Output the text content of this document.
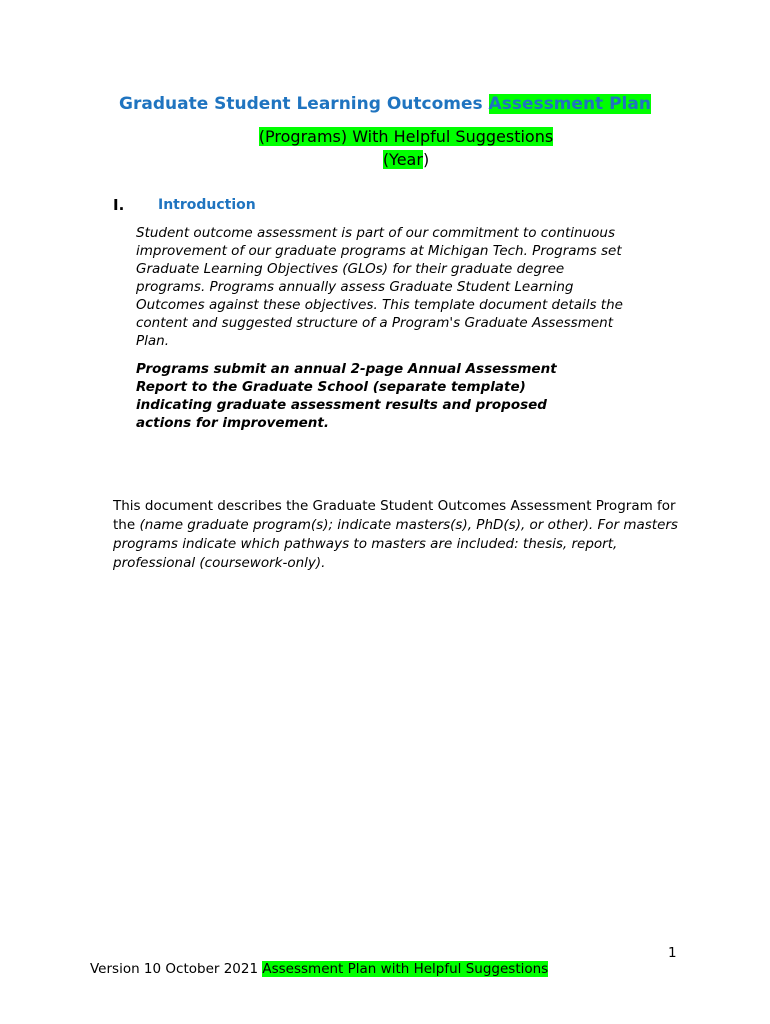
Graduate Student Learning Outcomes Assessment Plan
(Programs) With Helpful Suggestions
(Year)
I. Introduction

Student outcome assessment is part of our commitment to continuous improvement of our graduate programs at Michigan Tech. Programs set Graduate Learning Objectives (GLOs) for their graduate degree programs. Programs annually assess Graduate Student Learning Outcomes against these objectives. This template document details the content and suggested structure of a Program's Graduate Assessment Plan.

Programs submit an annual 2-page Annual Assessment Report to the Graduate School (separate template) indicating graduate assessment results and proposed actions for improvement.

This document describes the Graduate Student Outcomes Assessment Program for the (name graduate program(s); indicate masters(s), PhD(s), or other). For masters programs indicate which pathways to masters are included: thesis, report, professional (coursework-only).

1
Version 10 October 2021 Assessment Plan with Helpful Suggestions
